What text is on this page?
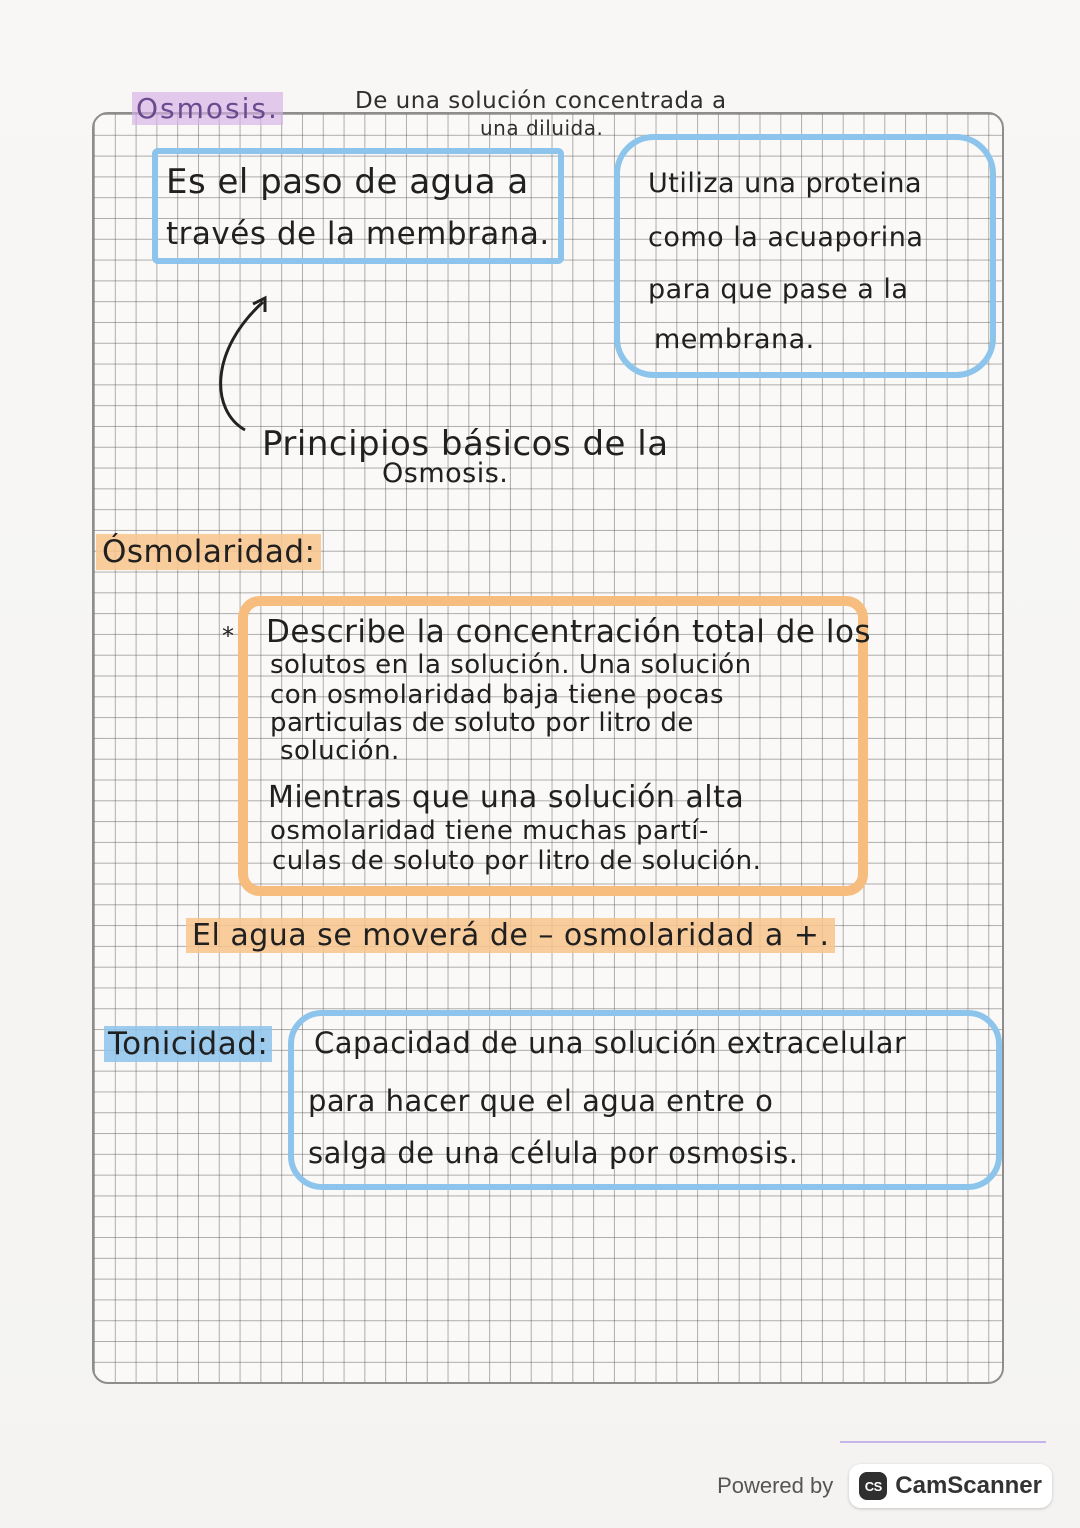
Osmosis.	De una solución concentrada a
una diluida.
Es el paso de agua a
través de la membrana.
Utiliza una proteina
como la acuaporina
para que pase a la
membrana.
Principios básicos de la
Osmosis.
Ósmolaridad:
* Describe la concentración total de los
solutos en la solución. Una solución
con osmolaridad baja tiene pocas
particulas de soluto por litro de
solución.
Mientras que una solución alta
osmolaridad tiene muchas partí-
culas de soluto por litro de solución.
El agua se moverá de – osmolaridad a +.
Tonicidad: Capacidad de una solución extracelular
para hacer que el agua entre o
salga de una célula por osmosis.
Powered by	CS CamScanner
